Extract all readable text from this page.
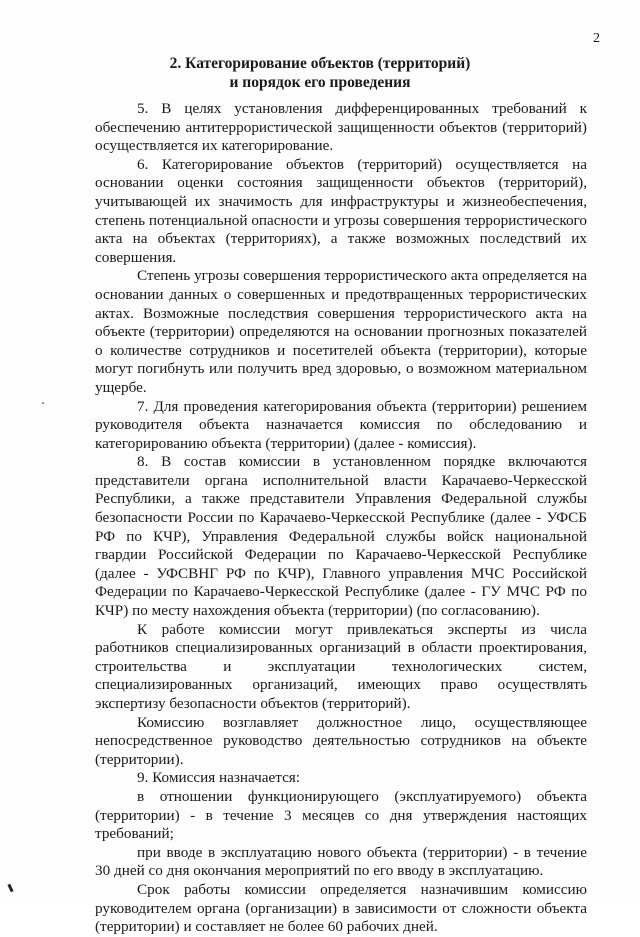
2
2. Категорирование объектов (территорий)
и порядок его проведения

5. В целях установления дифференцированных требований к обеспечению антитеррористической защищенности объектов (территорий) осуществляется их категорирование.

6. Категорирование объектов (территорий) осуществляется на основании оценки состояния защищенности объектов (территорий), учитывающей их значимость для инфраструктуры и жизнеобеспечения, степень потенциальной опасности и угрозы совершения террористического акта на объектах (территориях), а также возможных последствий их совершения.

Степень угрозы совершения террористического акта определяется на основании данных о совершенных и предотвращенных террористических актах. Возможные последствия совершения террористического акта на объекте (территории) определяются на основании прогнозных показателей о количестве сотрудников и посетителей объекта (территории), которые могут погибнуть или получить вред здоровью, о возможном материальном ущербе.

7. Для проведения категорирования объекта (территории) решением руководителя объекта назначается комиссия по обследованию и категорированию объекта (территории) (далее - комиссия).

8. В состав комиссии в установленном порядке включаются представители органа исполнительной власти Карачаево-Черкесской Республики, а также представители Управления Федеральной службы безопасности России по Карачаево-Черкесской Республике (далее - УФСБ РФ по КЧР), Управления Федеральной службы войск национальной гвардии Российской Федерации по Карачаево-Черкесской Республике (далее - УФСВНГ РФ по КЧР), Главного управления МЧС Российской Федерации по Карачаево-Черкесской Республике (далее - ГУ МЧС РФ по КЧР) по месту нахождения объекта (территории) (по согласованию).

К работе комиссии могут привлекаться эксперты из числа работников специализированных организаций в области проектирования, строительства и эксплуатации технологических систем, специализированных организаций, имеющих право осуществлять экспертизу безопасности объектов (территорий).

Комиссию возглавляет должностное лицо, осуществляющее непосредственное руководство деятельностью сотрудников на объекте (территории).

9. Комиссия назначается:

в отношении функционирующего (эксплуатируемого) объекта (территории) - в течение 3 месяцев со дня утверждения настоящих требований;

при вводе в эксплуатацию нового объекта (территории) - в течение 30 дней со дня окончания мероприятий по его вводу в эксплуатацию.

Срок работы комиссии определяется назначившим комиссию руководителем органа (организации) в зависимости от сложности объекта (территории) и составляет не более 60 рабочих дней.
